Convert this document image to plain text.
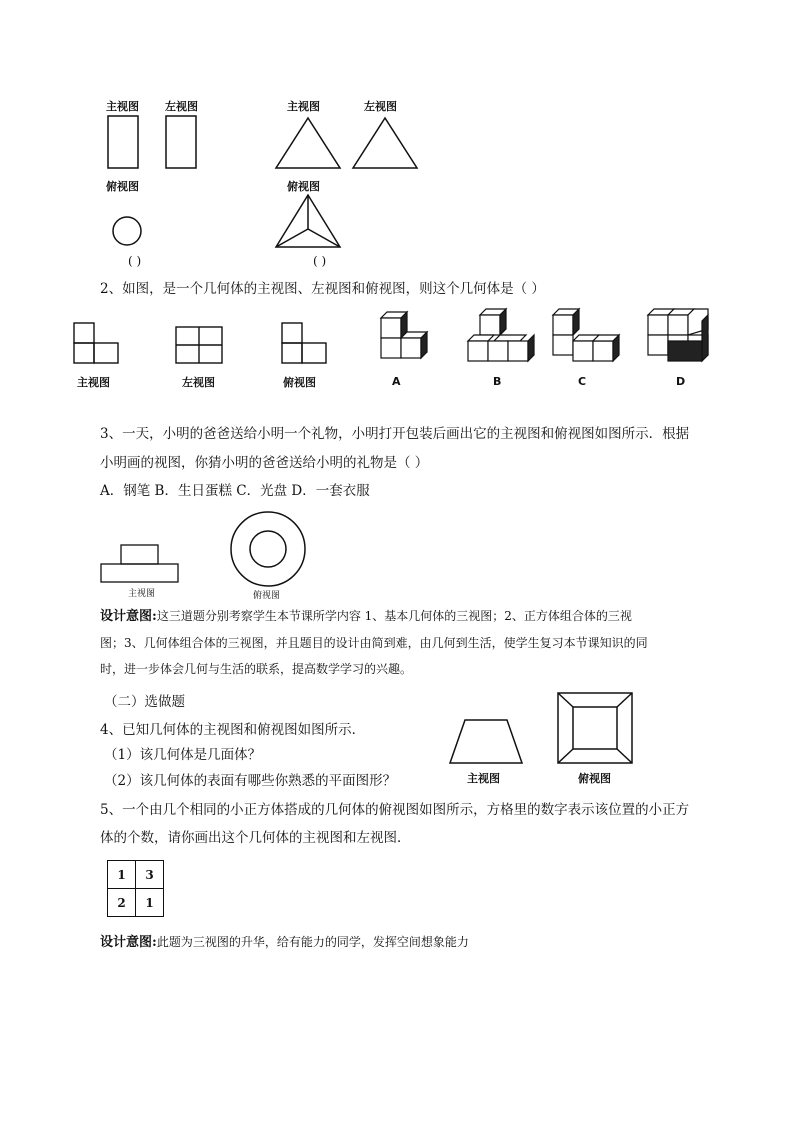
主视图 左视图
俯视图
( )
主视图	左视图
俯视图
( )
2、如图，是一个几何体的主视图、左视图和俯视图，则这个几何体是（ ）
主视图	左视图	俯视图	A	B	C	D
3、一天，小明的爸爸送给小明一个礼物，小明打开包装后画出它的主视图和俯视图如图所示．根据
小明画的视图，你猜小明的爸爸送给小明的礼物是（ ）
A．钢笔 B．生日蛋糕 C．光盘 D．一套衣服
主视图	俯视图
设计意图:这三道题分别考察学生本节课所学内容 1、基本几何体的三视图；2、正方体组合体的三视
图；3、几何体组合体的三视图，并且题目的设计由简到难，由几何到生活，使学生复习本节课知识的同
时，进一步体会几何与生活的联系，提高数学学习的兴趣。
（二）选做题
4、已知几何体的主视图和俯视图如图所示．
（1）该几何体是几面体？
（2）该几何体的表面有哪些你熟悉的平面图形？	主视图	俯视图
5、一个由几个相同的小正方体搭成的几何体的俯视图如图所示，方格里的数字表示该位置的小正方
体的个数，请你画出这个几何体的主视图和左视图．
1	3
2	1
设计意图:此题为三视图的升华，给有能力的同学，发挥空间想象能力
